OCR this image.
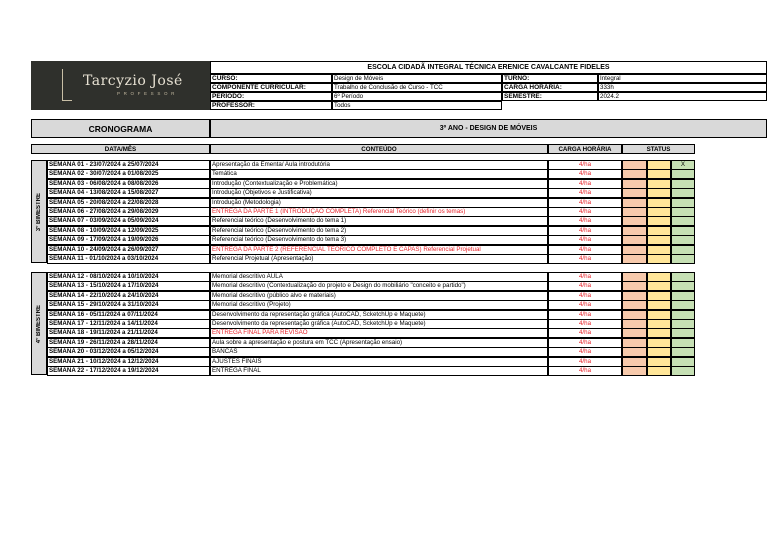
Tarcyzio José
P R O F E S S O R
ESCOLA CIDADÃ INTEGRAL TÉCNICA ERENICE CAVALCANTE FIDELES
CURSO:	Design de Móveis	TURNO:	Integral
COMPONENTE CURRICULAR:	Trabalho de Conclusão de Curso - TCC	CARGA HORÁRIA:	333h
PERÍODO:	6º Período	SEMESTRE:	2024.2
PROFESSOR:	Todos
CRONOGRAMA	3º ANO - DESIGN DE MÓVEIS
DATA/MÊS	CONTEÚDO	CARGA HORÁRIA	STATUS
3º BIMESTRE
SEMANA 01 - 23/07/2024 a 25/07/2024	Apresentação da Ementa/ Aula introdutória	4/ha	X
SEMANA 02 - 30/07/2024 a 01/08/2025	Temática	4/ha
SEMANA 03 - 06/08/2024 a 08/08/2026	Introdução (Contextualização e Problemática)	4/ha
SEMANA 04 - 13/08/2024 a 15/08/2027	Introdução (Objetivos e Justificativa)	4/ha
SEMANA 05 - 20/08/2024 a 22/08/2028	Introdução (Metodologia)	4/ha
SEMANA 06 - 27/08/2024 a 29/08/2029	ENTREGA DA PARTE 1 (INTRODUÇÃO COMPLETA) Referencial Teórico (definir os temas)	4/ha
SEMANA 07 - 03/09/2024 a 05/09/2024	Referencial teórico (Desenvolvimento do tema 1)	4/ha
SEMANA 08 - 10/09/2024 a 12/09/2025	Referencial teórico (Desenvolvimento do tema 2)	4/ha
SEMANA 09 - 17/09/2024 a 19/09/2026	Referencial teórico (Desenvolvimento do tema 3)	4/ha
SEMANA 10 - 24/09/2024 a 26/09/2027	ENTREGA DA PARTE 2 (REFERENCIAL TEÓRICO COMPLETO E CAPAS) Referencial Projetual	4/ha
SEMANA 11 - 01/10/2024 a 03/10/2024	Referencial Projetual (Apresentação)	4/ha
4º BIMESTRE
SEMANA 12 - 08/10/2024 a 10/10/2024	Memorial descritivo AULA	4/ha
SEMANA 13 - 15/10/2024 a 17/10/2024	Memorial descritivo (Contextualização do projeto e Design do mobiliário "conceito e partido")	4/ha
SEMANA 14 - 22/10/2024 a 24/10/2024	Memorial descritivo (público alvo e materiais)	4/ha
SEMANA 15 - 29/10/2024 a 31/10/2024	Memorial descritivo (Projeto)	4/ha
SEMANA 16 - 05/11/2024 a 07/11/2024	Desenvolvimento da representação gráfica (AutoCAD, ScketchUp e Maquete)	4/ha
SEMANA 17 - 12/11/2024 a 14/11/2024	Desenvolvimento da representação gráfica (AutoCAD, ScketchUp e Maquete)	4/ha
SEMANA 18 - 19/11/2024 a 21/11/2024	ENTREGA FINAL PARA REVISÃO	4/ha
SEMANA 19 - 26/11/2024 a 28/11/2024	Aula sobre a apresentação e postura em TCC (Apresentação ensaio)	4/ha
SEMANA 20 - 03/12/2024 a 05/12/2024	BANCAS	4/ha
SEMANA 21 - 10/12/2024 a 12/12/2024	AJUSTES FINAIS	4/ha
SEMANA 22 - 17/12/2024 a 19/12/2024	ENTREGA FINAL	4/ha
